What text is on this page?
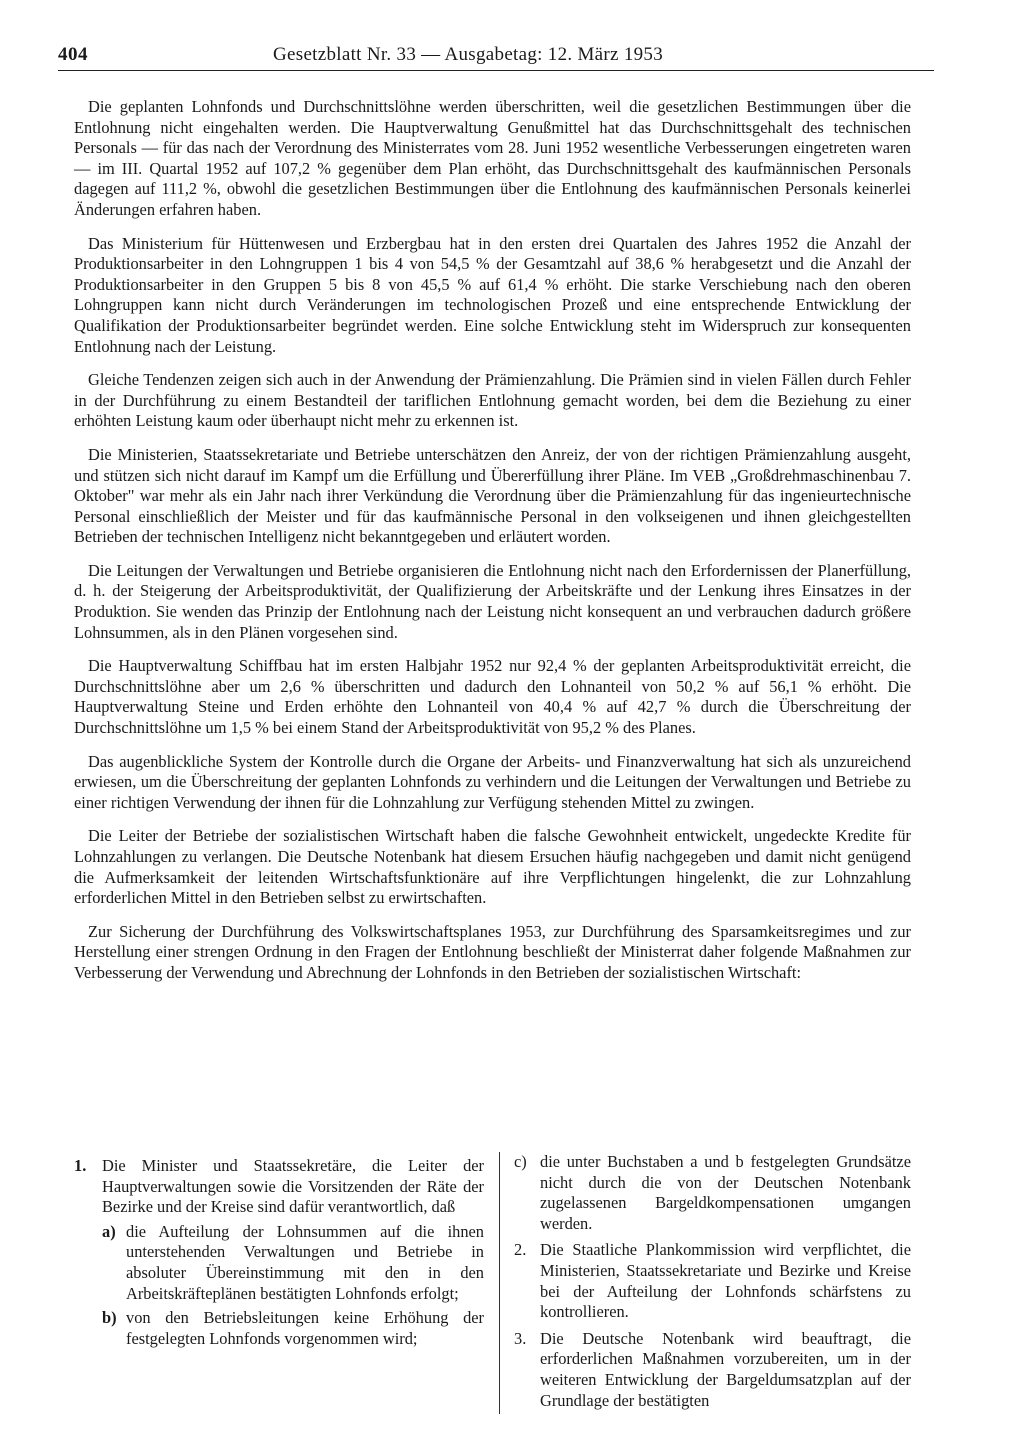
404	Gesetzblatt Nr. 33 — Ausgabetag: 12. März 1953

Die geplanten Lohnfonds und Durchschnittslöhne werden überschritten, weil die gesetzlichen Bestimmungen über die Entlohnung nicht eingehalten werden. Die Hauptverwaltung Genußmittel hat das Durchschnittsgehalt des technischen Personals — für das nach der Verordnung des Ministerrates vom 28. Juni 1952 wesentliche Verbesserungen eingetreten waren — im III. Quartal 1952 auf 107,2 % gegenüber dem Plan erhöht, das Durchschnittsgehalt des kaufmännischen Personals dagegen auf 111,2 %, obwohl die gesetzlichen Bestimmungen über die Entlohnung des kaufmännischen Personals keinerlei Änderungen erfahren haben.

Das Ministerium für Hüttenwesen und Erzbergbau hat in den ersten drei Quartalen des Jahres 1952 die Anzahl der Produktionsarbeiter in den Lohngruppen 1 bis 4 von 54,5 % der Gesamtzahl auf 38,6 % herabgesetzt und die Anzahl der Produktionsarbeiter in den Gruppen 5 bis 8 von 45,5 % auf 61,4 % erhöht. Die starke Verschiebung nach den oberen Lohngruppen kann nicht durch Veränderungen im technologischen Prozeß und eine entsprechende Entwicklung der Qualifikation der Produktionsarbeiter begründet werden. Eine solche Entwicklung steht im Widerspruch zur konsequenten Entlohnung nach der Leistung.

Gleiche Tendenzen zeigen sich auch in der Anwendung der Prämienzahlung. Die Prämien sind in vielen Fällen durch Fehler in der Durchführung zu einem Bestandteil der tariflichen Entlohnung gemacht worden, bei dem die Beziehung zu einer erhöhten Leistung kaum oder überhaupt nicht mehr zu erkennen ist.

Die Ministerien, Staatssekretariate und Betriebe unterschätzen den Anreiz, der von der richtigen Prämienzahlung ausgeht, und stützen sich nicht darauf im Kampf um die Erfüllung und Übererfüllung ihrer Pläne. Im VEB „Großdrehmaschinenbau 7. Oktober" war mehr als ein Jahr nach ihrer Verkündung die Verordnung über die Prämienzahlung für das ingenieurtechnische Personal einschließlich der Meister und für das kaufmännische Personal in den volkseigenen und ihnen gleichgestellten Betrieben der technischen Intelligenz nicht bekanntgegeben und erläutert worden.

Die Leitungen der Verwaltungen und Betriebe organisieren die Entlohnung nicht nach den Erfordernissen der Planerfüllung, d. h. der Steigerung der Arbeitsproduktivität, der Qualifizierung der Arbeitskräfte und der Lenkung ihres Einsatzes in der Produktion. Sie wenden das Prinzip der Entlohnung nach der Leistung nicht konsequent an und verbrauchen dadurch größere Lohnsummen, als in den Plänen vorgesehen sind.

Die Hauptverwaltung Schiffbau hat im ersten Halbjahr 1952 nur 92,4 % der geplanten Arbeitsproduktivität erreicht, die Durchschnittslöhne aber um 2,6 % überschritten und dadurch den Lohnanteil von 50,2 % auf 56,1 % erhöht. Die Hauptverwaltung Steine und Erden erhöhte den Lohnanteil von 40,4 % auf 42,7 % durch die Überschreitung der Durchschnittslöhne um 1,5 % bei einem Stand der Arbeitsproduktivität von 95,2 % des Planes.

Das augenblickliche System der Kontrolle durch die Organe der Arbeits- und Finanzverwaltung hat sich als unzureichend erwiesen, um die Überschreitung der geplanten Lohnfonds zu verhindern und die Leitungen der Verwaltungen und Betriebe zu einer richtigen Verwendung der ihnen für die Lohnzahlung zur Verfügung stehenden Mittel zu zwingen.

Die Leiter der Betriebe der sozialistischen Wirtschaft haben die falsche Gewohnheit entwickelt, ungedeckte Kredite für Lohnzahlungen zu verlangen. Die Deutsche Notenbank hat diesem Ersuchen häufig nachgegeben und damit nicht genügend die Aufmerksamkeit der leitenden Wirtschaftsfunktionäre auf ihre Verpflichtungen hingelenkt, die zur Lohnzahlung erforderlichen Mittel in den Betrieben selbst zu erwirtschaften.

Zur Sicherung der Durchführung des Volkswirtschaftsplanes 1953, zur Durchführung des Sparsamkeitsregimes und zur Herstellung einer strengen Ordnung in den Fragen der Entlohnung beschließt der Ministerrat daher folgende Maßnahmen zur Verbesserung der Verwendung und Abrechnung der Lohnfonds in den Betrieben der sozialistischen Wirtschaft:

1. Die Minister und Staatssekretäre, die Leiter der Hauptverwaltungen sowie die Vorsitzenden der Räte der Bezirke und der Kreise sind dafür verantwortlich, daß
a) die Aufteilung der Lohnsummen auf die ihnen unterstehenden Verwaltungen und Betriebe in absoluter Übereinstimmung mit den in den Arbeitskräfteplänen bestätigten Lohnfonds erfolgt;
b) von den Betriebsleitungen keine Erhöhung der festgelegten Lohnfonds vorgenommen wird;
c) die unter Buchstaben a und b festgelegten Grundsätze nicht durch die von der Deutschen Notenbank zugelassenen Bargeldkompensationen umgangen werden.
2. Die Staatliche Plankommission wird verpflichtet, die Ministerien, Staatssekretariate und Bezirke und Kreise bei der Aufteilung der Lohnfonds schärfstens zu kontrollieren.
3. Die Deutsche Notenbank wird beauftragt, die erforderlichen Maßnahmen vorzubereiten, um in der weiteren Entwicklung der Bargeldumsatzplan auf der Grundlage der bestätigten
